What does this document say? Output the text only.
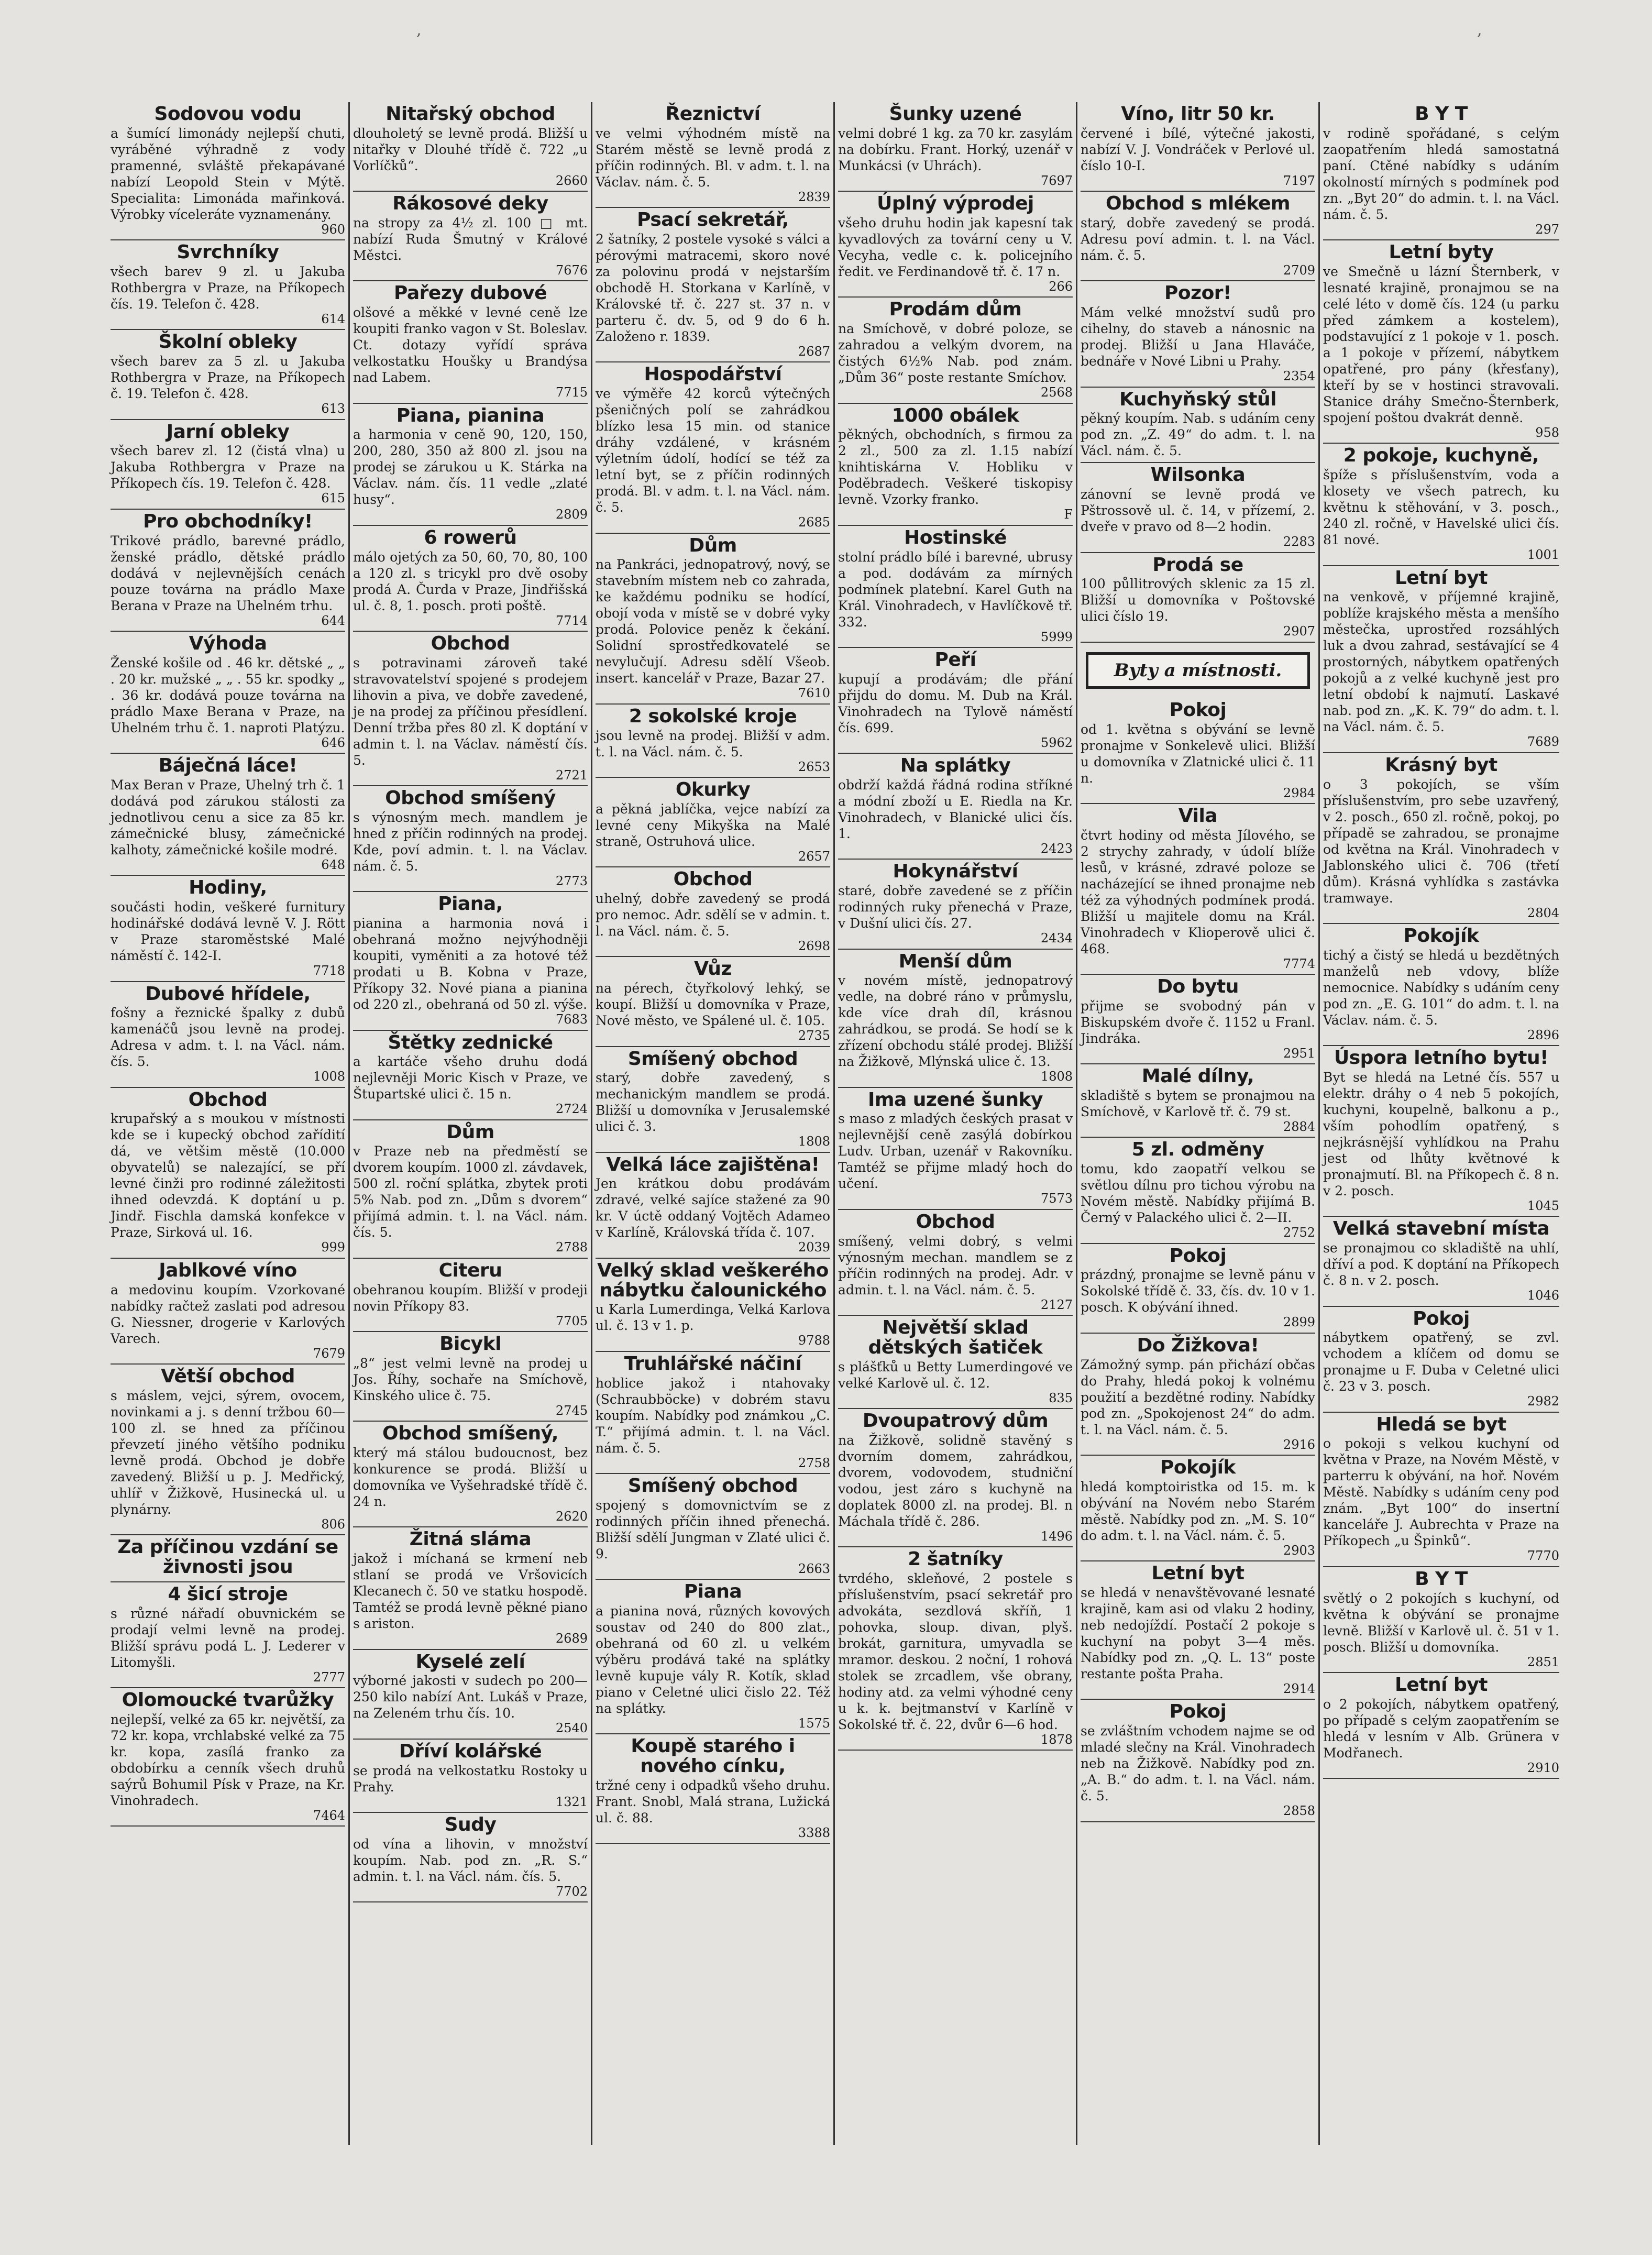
,	,
Sodovou vodu

a šumící limonády nejlepší chuti, vyráběné výhradně z vody pramenné, svláště překapávané nabízí Leopold Stein v Mýtě. Specialita: Limonáda mařinková. Výrobky víceleráte vyznamenány.

960
Svrchníky

všech barev 9 zl. u Jakuba Rothbergra v Praze, na Příkopech čís. 19. Telefon č. 428.

614
Školní obleky

všech barev za 5 zl. u Jakuba Rothbergra v Praze, na Příkopech č. 19. Telefon č. 428.

613
Jarní obleky

všech barev zl. 12 (čistá vlna) u Jakuba Rothbergra v Praze na Příkopech čís. 19. Telefon č. 428.

615
Pro obchodníky!

Trikové prádlo, barevné prádlo, ženské prádlo, dětské prádlo dodává v nejlevnějších cenách pouze továrna na prádlo Maxe Berana v Praze na Uhelném trhu.

644
Výhoda

Ženské košile od . 46 kr. dětské „ „ . 20 kr. mužské „ „ . 55 kr. spodky „ . 36 kr. dodává pouze továrna na prádlo Maxe Berana v Praze, na Uhelném trhu č. 1. naproti Platýzu.

646
Báječná láce!

Max Beran v Praze, Uhelný trh č. 1 dodává pod zárukou stálosti za jednotlivou cenu a sice za 85 kr. zámečnické blusy, zámečnické kalhoty, zámečnické košile modré.

648
Hodiny,

součásti hodin, veškeré furnitury hodinářské dodává levně V. J. Rött v Praze staroměstské Malé náměstí č. 142-I.

7718
Dubové hřídele,

fošny a řeznické špalky z dubů kamenáčů jsou levně na prodej. Adresa v adm. t. l. na Václ. nám. čís. 5.

1008
Obchod

krupařský a s moukou v místnosti kde se i kupecký obchod zařídití dá, ve většim městě (10.000 obyvatelů) se nalezající, se pří levné činži pro rodinné záležitosti ihned odevzdá. K doptání u p. Jindř. Fischla damská konfekce v Praze, Sirková ul. 16.

999
Jablkové víno

a medovinu koupím. Vzorkované nabídky račtež zaslati pod adresou G. Niessner, drogerie v Karlových Varech.

7679
Větší obchod

s máslem, vejci, sýrem, ovocem, novinkami a j. s denní tržbou 60—100 zl. se hned za příčinou převzetí jiného většího podniku levně prodá. Obchod je dobře zavedený. Bližší u p. J. Medřický, uhlíř v Žižkově, Husinecká ul. u plynárny.

806
Za příčinou vzdání se živnosti jsou
4 šicí stroje

s různé nářadí obuvnickém se prodají velmi levně na prodej. Bližší správu podá L. J. Lederer v Litomyšli.

2777
Olomoucké tvarůžky

nejlepší, velké za 65 kr. největší, za 72 kr. kopa, vrchlabské velké za 75 kr. kopa, zasílá franko za obdobírku a cenník všech druhů saýrů Bohumil Písk v Praze, na Kr. Vinohradech.

7464
Nitařský obchod

dlouholetý se levně prodá. Bližší u nitařky v Dlouhé třídě č. 722 „u Vorlíčků“.

2660
Rákosové deky

na stropy za 4½ zl. 100 □ mt. nabízí Ruda Šmutný v Králové Městci.

7676
Pařezy dubové

olšové a měkké v levné ceně lze koupiti franko vagon v St. Boleslav. Ct. dotazy vyřídí správa velkostatku Houšky u Brandýsa nad Labem.

7715
Piana, pianina

a harmonia v ceně 90, 120, 150, 200, 280, 350 až 800 zl. jsou na prodej se zárukou u K. Stárka na Václav. nám. čís. 11 vedle „zlaté husy“.

2809
6 rowerů

málo ojetých za 50, 60, 70, 80, 100 a 120 zl. s tricykl pro dvě osoby prodá A. Čurda v Praze, Jindřišská ul. č. 8, 1. posch. proti poště.

7714
Obchod

s potravinami zároveň také stravovatelství spojené s prodejem lihovin a piva, ve dobře zavedené, je na prodej za příčinou přesídlení. Denní tržba přes 80 zl. K doptání v admin t. l. na Václav. náměstí čís. 5.

2721
Obchod smíšený

s výnosným mech. mandlem je hned z příčin rodinných na prodej. Kde, poví admin. t. l. na Václav. nám. č. 5.

2773
Piana,

pianina a harmonia nová i obehraná možno nejvýhodněji koupiti, vyměniti a za hotové též prodati u B. Kobna v Praze, Příkopy 32. Nové piana a pianina od 220 zl., obehraná od 50 zl. výše.

7683
Štětky zednické

a kartáče všeho druhu dodá nejlevněji Moric Kisch v Praze, ve Štupartské ulici č. 15 n.

2724
Dům

v Praze neb na předměstí se dvorem koupím. 1000 zl. závdavek, 500 zl. roční splátka, zbytek proti 5% Nab. pod zn. „Dům s dvorem“ přijímá admin. t. l. na Václ. nám. čís. 5.

2788
Citeru

obehranou koupím. Bližší v prodeji novin Příkopy 83.

7705
Bicykl

„8“ jest velmi levně na prodej u Jos. Říhy, sochaře na Smíchově, Kinského ulice č. 75.

2745
Obchod smíšený,

který má stálou budoucnost, bez konkurence se prodá. Bližší u domovníka ve Vyšehradské třídě č. 24 n.

2620
Žitná sláma

jakož i míchaná se krmení neb stlaní se prodá ve Vršovicích Klecanech č. 50 ve statku hospodě. Tamtéž se prodá levně pěkné piano s ariston.

2689
Kyselé zelí

výborné jakosti v sudech po 200—250 kilo nabízí Ant. Lukáš v Praze, na Zeleném trhu čís. 10.

2540
Dříví kolářské

se prodá na velkostatku Rostoky u Prahy.

1321
Sudy

od vína a lihovin, v množství koupím. Nab. pod zn. „R. S.“ admin. t. l. na Václ. nám. čís. 5.

7702
Řeznictví

ve velmi výhodném místě na Starém městě se levně prodá z příčin rodinných. Bl. v adm. t. l. na Václav. nám. č. 5.

2839
Psací sekretář,

2 šatníky, 2 postele vysoké s válci a pérovými matracemi, skoro nové za polovinu prodá v nejstarším obchodě H. Storkana v Karlíně, v Královské tř. č. 227 st. 37 n. v parteru č. dv. 5, od 9 do 6 h. Založeno r. 1839.

2687
Hospodářství

ve výměře 42 korců výtečných pšeničných polí se zahrádkou blízko lesa 15 min. od stanice dráhy vzdálené, v krásném výletním údolí, hodící se též za letní byt, se z příčin rodinných prodá. Bl. v adm. t. l. na Václ. nám. č. 5.

2685
Dům

na Pankráci, jednopatrový, nový, se stavebním místem neb co zahrada, ke každému podniku se hodící, obojí voda v místě se v dobré vyky prodá. Polovice peněz k čekání. Solidní sprostředkovatelé se nevylučují. Adresu sdělí Všeob. insert. kancelář v Praze, Bazar 27.

7610
2 sokolské kroje

jsou levně na prodej. Bližší v adm. t. l. na Václ. nám. č. 5.

2653
Okurky

a pěkná jablíčka, vejce nabízí za levné ceny Mikyška na Malé straně, Ostruhová ulice.

2657
Obchod

uhelný, dobře zavedený se prodá pro nemoc. Adr. sdělí se v admin. t. l. na Václ. nám. č. 5.

2698
Vůz

na pérech, čtyřkolový lehký, se koupí. Bližší u domovníka v Praze, Nové město, ve Spálené ul. č. 105.

2735
Smíšený obchod

starý, dobře zavedený, s mechanickým mandlem se prodá. Bližší u domovníka v Jerusalemské ulici č. 3.

1808
Velká láce zajištěna!

Jen krátkou dobu prodávám zdravé, velké sajíce stažené za 90 kr. V úctě oddaný Vojtěch Adameo v Karlíně, Královská třída č. 107.

2039
Velký sklad veškerého nábytku čalounického

u Karla Lumerdinga, Velká Karlova ul. č. 13 v 1. p.

9788
Truhlářské náčiní

hoblice jakož i ntahovaky (Schraubböcke) v dobrém stavu koupím. Nabídky pod známkou „C. T.“ přijímá admin. t. l. na Václ. nám. č. 5.

2758
Smíšený obchod

spojený s domovnictvím se z rodinných příčin ihned přenechá. Bližší sdělí Jungman v Zlaté ulici č. 9.

2663
Piana

a pianina nová, různých kovových soustav od 240 do 800 zlat., obehraná od 60 zl. u velkém výběru prodává také na splátky levně kupuje vály R. Kotík, sklad piano v Celetné ulici čislo 22. Též na splátky.

1575
Koupě starého i nového cínku,

tržné ceny i odpadků všeho druhu. Frant. Snobl, Malá strana, Lužická ul. č. 88.

3388
Šunky uzené

velmi dobré 1 kg. za 70 kr. zasylám na dobírku. Frant. Horký, uzenář v Munkácsi (v Uhrách).

7697
Úplný výprodej

všeho druhu hodin jak kapesní tak kyvadlových za tovární ceny u V. Vecyha, vedle c. k. policejního ředit. ve Ferdinandově tř. č. 17 n.

266
Prodám dům

na Smíchově, v dobré poloze, se zahradou a velkým dvorem, na čistých 6½% Nab. pod znám. „Dům 36“ poste restante Smíchov.

2568
1000 obálek

pěkných, obchodních, s firmou za 2 zl., 500 za zl. 1.15 nabízí knihtiskárna V. Hobliku v Poděbradech. Veškeré tiskopisy levně. Vzorky franko.

F
Hostinské

stolní prádlo bílé i barevné, ubrusy a pod. dodávám za mírných podmínek platební. Karel Guth na Král. Vinohradech, v Havlíčkově tř. 332.

5999
Peří

kupují a prodávám; dle přání přijdu do domu. M. Dub na Král. Vinohradech na Tylově náměstí čís. 699.

5962
Na splátky

obdrží každá řádná rodina stříkné a módní zboží u E. Riedla na Kr. Vinohradech, v Blanické ulici čís. 1.

2423
Hokynářství

staré, dobře zavedené se z příčin rodinných ruky přenechá v Praze, v Dušní ulici čís. 27.

2434
Menší dům

v novém místě, jednopatrový vedle, na dobré ráno v průmyslu, kde více drah díl, krásnou zahrádkou, se prodá. Se hodí se k zřízení obchodu stálé prodej. Bližší na Žižkově, Mlýnská ulice č. 13.

1808
Ima uzené šunky

s maso z mladých českých prasat v nejlevnější ceně zasýlá dobírkou Ludv. Urban, uzenář v Rakovníku. Tamtéž se přijme mladý hoch do učení.

7573
Obchod

smíšený, velmi dobrý, s velmi výnosným mechan. mandlem se z příčin rodinných na prodej. Adr. v admin. t. l. na Václ. nám. č. 5.

2127
Největší sklad dětských šatiček

s plášťků u Betty Lumerdingové ve velké Karlově ul. č. 12.

835
Dvoupatrový dům

na Žižkově, solidně stavěný s dvorním domem, zahrádkou, dvorem, vodovodem, studniční vodou, jest záro s kuchyně na doplatek 8000 zl. na prodej. Bl. n Máchala třídě č. 286.

1496
2 šatníky

tvrdého, skleňové, 2 postele s příslušenstvím, psací sekretář pro advokáta, sezdlová skříň, 1 pohovka, sloup. divan, plyš. brokát, garnitura, umyvadla se mramor. deskou. 2 noční, 1 rohová stolek se zrcadlem, vše obrany, hodiny atd. za velmi výhodné ceny u k. k. bejtmanství v Karlíně v Sokolské tř. č. 22, dvůr 6—6 hod.

1878
Víno, litr 50 kr.

červené i bílé, výtečné jakosti, nabízí V. J. Vondráček v Perlové ul. číslo 10-I.

7197
Obchod s mlékem

starý, dobře zavedený se prodá. Adresu poví admin. t. l. na Václ. nám. č. 5.

2709
Pozor!

Mám velké množství sudů pro cihelny, do staveb a nánosnic na prodej. Bližší u Jana Hlaváče, bednáře v Nové Libni u Prahy.

2354
Kuchyňský stůl

pěkný koupím. Nab. s udáním ceny pod zn. „Z. 49“ do adm. t. l. na Václ. nám. č. 5.

Wilsonka

zánovní se levně prodá ve Pštrossově ul. č. 14, v přízemí, 2. dveře v pravo od 8—2 hodin.

2283
Prodá se

100 půllitrových sklenic za 15 zl. Bližší u domovníka v Poštovské ulici číslo 19.

2907
Byty a místnosti.
Pokoj

od 1. května s obývání se levně pronajme v Sonkelevě ulici. Bližší u domovníka v Zlatnické ulici č. 11 n.

2984
Vila

čtvrt hodiny od města Jílového, se 2 strychy zahrady, v údolí blíže lesů, v krásné, zdravé poloze se nacházející se ihned pronajme neb též za výhodných podmínek prodá. Bližší u majitele domu na Král. Vinohradech v Klioperově ulici č. 468.

7774
Do bytu

přijme se svobodný pán v Biskupském dvoře č. 1152 u Franl. Jindráka.

2951
Malé dílny,

skladiště s bytem se pronajmou na Smíchově, v Karlově tř. č. 79 st.

2884
5 zl. odměny

tomu, kdo zaopatří velkou se světlou dílnu pro tichou výrobu na Novém městě. Nabídky přijímá B. Černý v Palackého ulici č. 2—II.

2752
Pokoj

prázdný, pronajme se levně pánu v Sokolské třídě č. 33, čís. dv. 10 v 1. posch. K obývání ihned.

2899
Do Žižkova!

Zámožný symp. pán přichází občas do Prahy, hledá pokoj k volnému použití a bezdětné rodiny. Nabídky pod zn. „Spokojenost 24“ do adm. t. l. na Václ. nám. č. 5.

2916
Pokojík

hledá komptoiristka od 15. m. k obývání na Novém nebo Starém městě. Nabídky pod zn. „M. S. 10“ do adm. t. l. na Václ. nám. č. 5.

2903
Letní byt

se hledá v nenavštěvované lesnaté krajině, kam asi od vlaku 2 hodiny, neb nedojíždí. Postačí 2 pokoje s kuchyní na pobyt 3—4 měs. Nabídky pod zn. „Q. L. 13“ poste restante pošta Praha.

2914
Pokoj

se zvláštním vchodem najme se od mladé slečny na Král. Vinohradech neb na Žižkově. Nabídky pod zn. „A. B.“ do adm. t. l. na Václ. nám. č. 5.

2858
B Y T

v rodině spořádané, s celým zaopatřením hledá samostatná paní. Ctěné nabídky s udáním okolností mírných s podmínek pod zn. „Byt 20“ do admin. t. l. na Václ. nám. č. 5.

297
Letní byty

ve Smečně u lázní Šternberk, v lesnaté krajině, pronajmou se na celé léto v domě čís. 124 (u parku před zámkem a kostelem), podstavující z 1 pokoje v 1. posch. a 1 pokoje v přízemí, nábytkem opatřené, pro pány (křesťany), kteří by se v hostinci stravovali. Stanice dráhy Smečno-Šternberk, spojení poštou dvakrát denně.

958
2 pokoje, kuchyně,

špíže s příslušenstvím, voda a klosety ve všech patrech, ku květnu k stěhování, v 3. posch., 240 zl. ročně, v Havelské ulici čís. 81 nové.

1001
Letní byt

na venkově, v příjemné krajině, poblíže krajského města a menšího městečka, uprostřed rozsáhlých luk a dvou zahrad, sestávající se 4 prostorných, nábytkem opatřených pokojů a z velké kuchyně jest pro letní období k najmutí. Laskavé nab. pod zn. „K. K. 79“ do adm. t. l. na Václ. nám. č. 5.

7689
Krásný byt

o 3 pokojích, se vším příslušenstvím, pro sebe uzavřený, v 2. posch., 650 zl. ročně, pokoj, po případě se zahradou, se pronajme od května na Král. Vinohradech v Jablonského ulici č. 706 (třetí dům). Krásná vyhlídka s zastávka tramwaye.

2804
Pokojík

tichý a čistý se hledá u bezdětných manželů neb vdovy, blíže nemocnice. Nabídky s udáním ceny pod zn. „E. G. 101“ do adm. t. l. na Václav. nám. č. 5.

2896
Úspora letního bytu!

Byt se hledá na Letné čís. 557 u elektr. dráhy o 4 neb 5 pokojích, kuchyni, koupelně, balkonu a p., vším pohodlím opatřený, s nejkrásnější vyhlídkou na Prahu jest od lhůty květnové k pronajmutí. Bl. na Příkopech č. 8 n. v 2. posch.

1045
Velká stavební místa

se pronajmou co skladiště na uhlí, dříví a pod. K doptání na Příkopech č. 8 n. v 2. posch.

1046
Pokoj

nábytkem opatřený, se zvl. vchodem a klíčem od domu se pronajme u F. Duba v Celetné ulici č. 23 v 3. posch.

2982
Hledá se byt

o pokoji s velkou kuchyní od května v Praze, na Novém Městě, v parterru k obývání, na hoř. Novém Městě. Nabídky s udáním ceny pod znám. „Byt 100“ do insertní kanceláře J. Aubrechta v Praze na Příkopech „u Špinků“.

7770
B Y T

světlý o 2 pokojích s kuchyní, od května k obývání se pronajme levně. Bližší v Karlově ul. č. 51 v 1. posch. Bližší u domovníka.

2851
Letní byt

o 2 pokojích, nábytkem opatřený, po případě s celým zaopatřením se hledá v lesním v Alb. Grünera v Modřanech.

2910
